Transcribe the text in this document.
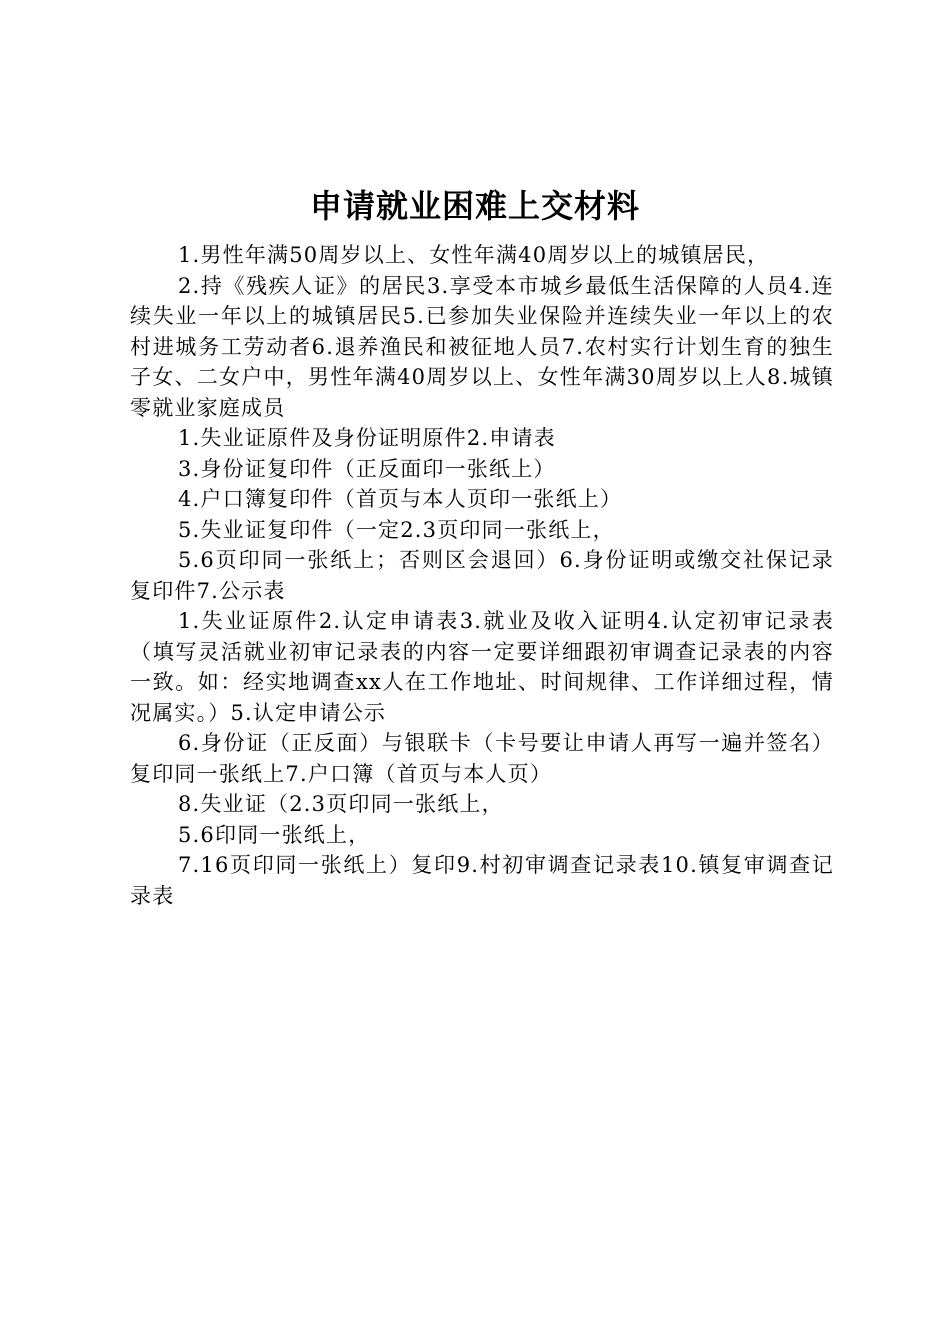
申请就业困难上交材料

1.男性年满50周岁以上、女性年满40周岁以上的城镇居民，

2.持《残疾人证》的居民3.享受本市城乡最低生活保障的人员4.连续失业一年以上的城镇居民5.已参加失业保险并连续失业一年以上的农村进城务工劳动者6.退养渔民和被征地人员7.农村实行计划生育的独生子女、二女户中，男性年满40周岁以上、女性年满30周岁以上人8.城镇零就业家庭成员

1.失业证原件及身份证明原件2.申请表

3.身份证复印件（正反面印一张纸上）

4.户口簿复印件（首页与本人页印一张纸上）

5.失业证复印件（一定2.3页印同一张纸上，

5.6页印同一张纸上；否则区会退回）6.身份证明或缴交社保记录复印件7.公示表

1.失业证原件2.认定申请表3.就业及收入证明4.认定初审记录表（填写灵活就业初审记录表的内容一定要详细跟初审调查记录表的内容一致。如：经实地调查xx人在工作地址、时间规律、工作详细过程，情况属实。）5.认定申请公示

6.身份证（正反面）与银联卡（卡号要让申请人再写一遍并签名）复印同一张纸上7.户口簿（首页与本人页）

8.失业证（2.3页印同一张纸上，

5.6印同一张纸上，

7.16页印同一张纸上）复印9.村初审调查记录表10.镇复审调查记录表
